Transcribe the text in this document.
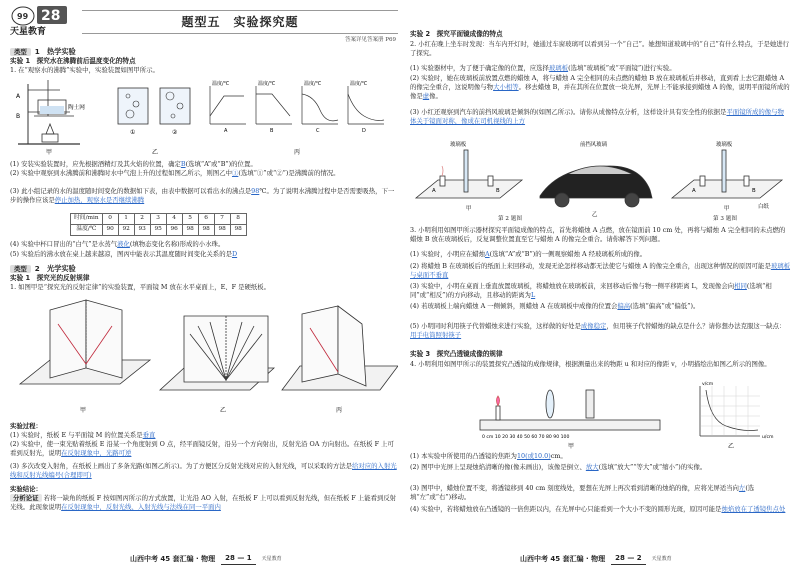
99 28
天星教育
题型五　实验探究题
答案详见答案册 P69
类型	1　热学实验
实验 1　探究水在沸腾前后温度变化的特点
1. 在“观察水的沸腾”实验中，实验装置如图甲所示。
A
B
陶土网
①	②
温度/℃	温度/℃	温度/℃	温度/℃
A	B	C	D
甲	乙	丙
(1) 安装实验装置时，应先根据酒精灯及其火焰的位置，确定B(选填“A”或“B”)的位置。
(2) 实验中观察到水沸腾前和沸腾时水中气泡上升的过程如图乙所示，则图乙中①(选填“①”或“②”)是沸腾前的情况。
(3) 此小组记录的水的温度随时间变化的数据如下表，由表中数据可以看出水的沸点是98℃。为了说明水沸腾过程中是否需要吸热，下一步的操作应该是停止加热，观察水是否继续沸腾
时间/min	0	1	2	3	4	5	6	7	8
温度/℃	90	92	93	95	96	98	98	98	98
(4) 实验中杯口冒出的“白气”是水蒸气液化(填物态变化名称)形成的小水珠。
(5) 实验后的沸水放在桌上越来越凉，图丙中能表示其温度随时间变化关系的是D
类型	2　光学实验
实验 1　探究光的反射规律
1. 如图甲是“探究光的反射定律”的实验装置，平面镜 M 放在水平桌面上，E、F 是硬纸板。
甲	乙	丙
实验过程：
(1) 实验时，纸板 E 与平面镜 M 的位置关系是垂直
(2) 实验中，使一束光贴着纸板 E 沿某一个角度射到 O 点，经平面镜反射，沿另一个方向射出，反射光沿 OA 方向射出。在纸板 F 上可看到反射光，说明在反射现象中，光路可逆
(3) 多次改变入射角，在纸板上画出了多条光路(如图乙所示)。为了方便区分反射光线对应的入射光线，可以采取的方法是给对应的入射光线和反射光线编号(合理即可)
实验结论：
分析论证 若将一缺角的纸板 F 按如图丙所示的方式放置，让光沿 AO 入射，在纸板 F 上可以看到反射光线，但在纸板 F 上能看到反射光线。此现象说明在反射现象中，反射光线、入射光线与法线在同一平面内
山西中考 45 套汇编 · 物理	28 — 1	天星教育
实验 2　探究平面镜成像的特点
2. 小红在晚上坐车时发现：当车内开灯时，她通过车窗玻璃可以看到另一个“自己”。她想知道玻璃中的“自己”有什么特点，于是她进行了探究。
(1) 实验器材中，为了便于确定像的位置，应选择玻璃板(选填“玻璃板”或“平面镜”)进行实验。
(2) 实验时，她在玻璃板前放置点燃的蜡烛 A，将与蜡烛 A 完全相同的未点燃的蜡烛 B 放在玻璃板后并移动，直到看上去它跟蜡烛 A 的像完全重合，这说明像与物大小相等。移去蜡烛 B，并在其所在位置放一块光屏，光屏上不能承接到蜡烛 A 的像，说明平面镜所成的像是虚像。
(3) 小红还观察到汽车的前挡风玻璃是倾斜的(如图乙所示)。请你从成像特点分析，这样设计具有安全性的依据是平面镜所成的像与物体关于镜面对称，像成在司机视线的上方
玻璃板	前挡风玻璃	玻璃板
A	B	A	B
白纸
甲
乙
甲
第 2 题图	第 3 题图
3. 小明利用如图甲所示器材探究平面镜成像的特点，首先将蜡烛 A 点燃，放在镜面前 10 cm 处，再将与蜡烛 A 完全相同的未点燃的蜡烛 B 放在玻璃板后，反复调整位置直至它与蜡烛 A 的像完全重合。请你解答下列问题。
(1) 实验时，小明应在蜡烛A(选填“A”或“B”)的一侧观察蜡烛 A 经玻璃板所成的像。
(2) 将蜡烛 B 在玻璃板后的纸面上来回移动，发现无论怎样移动都无法使它与蜡烛 A 的像完全重合，出现这种情况的原因可能是玻璃板与桌面不垂直
(3) 实验中，小明在桌面上垂直放置玻璃板，将蜡烛放在玻璃板前，来回移动后像与物一侧平移距离 L，发现像会向相同(选填“相同”或“相反”)的方向移动，且移动的距离为L
(4) 若玻璃板上端向蜡烛 A 一侧倾斜，则蜡烛 A 在玻璃板中成像的位置会偏高(选填“偏高”或“偏低”)。
(5) 小明同时利用筷子代替蜡烛来进行实验，这样做的好处是成像稳定，但用筷子代替蜡烛的缺点是什么？请你想办法克服这一缺点：用手电筒照射筷子
实验 3　探究凸透镜成像的规律
4. 小明利用如图甲所示的装置探究凸透镜的成像规律，根据测量出来的物距 u 和对应的像距 v，小明描绘出如图乙所示的图像。
0 cm 10 20 30 40 50 60 70 80 90 100
v/cm
u/cm
甲	乙
(1) 本实验中所使用的凸透镜的焦距为10(或10.0)cm。
(2) 图甲中光屏上呈现烛焰清晰的像(像未画出)，该像是倒立、放大(选填“放大”“等大”或“缩小”)的实像。
(3) 图甲中，蜡烛位置不变，将透镜移到 40 cm 刻度线处，要想在光屏上再次看到清晰的烛焰的像，应将光屏适当向左(选填“左”或“右”)移动。
(4) 实验中，若将蜡烛放在凸透镜的一倍焦距以内，在光屏中心只能看到一个大小不变的圆形光斑，原因可能是烛焰放在了透镜焦点处
山西中考 45 套汇编 · 物理	28 — 2	天星教育
